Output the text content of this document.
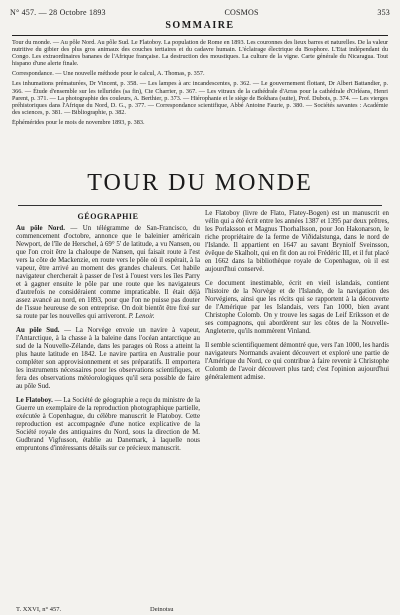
N° 457. — 28 Octobre 1893	COSMOS	353
SOMMAIRE

Tour du monde. — Au pôle Nord. Au pôle Sud. Le Flatoboy. La population de Rome en 1893. Les couronnes des lieux barres et naturelles. De la valeur nutritive du gibier des plus gros animaux des couches tertiaires et du cadavre humain. L'éclairage électrique du Bosphore. L'Etat indépendant du Congo. Les extraordinaires bananes de l'Afrique française. La destruction des moustiques. La culture de la vigne. Carte générale du Nicaragua. Tout hispano d'une alerte finale.

Correspondance. — Une nouvelle méthode pour le calcul, A. Thomas, p. 357.

Les inhumations prématurées, Dr Vincent, p. 358. — Les lampes à arc incandescentes, p. 362. — Le gouvernement flottant, Dr Albert Battandier, p. 366. — Étude d'ensemble sur les tellurides (sa fin), Cte Charrier, p. 367. — Les vitraux de la cathédrale d'Arras pour la cathédrale d'Orléans, Henri Parent, p. 371. — La photographie des couleurs, A. Berthier, p. 373. — Hiérophanie et le siège de Bokhara (suite), Prof. Dubois, p. 374. — Les vierges préhistoriques dans l'Afrique du Nord, D. G., p. 377. — Correspondance scientifique, Abbé Antoine Faurie, p. 380. — Sociétés savantes : Académie des sciences, p. 381. — Bibliographie, p. 382.

Éphémérides pour le mois de novembre 1893, p. 383.

TOUR DU MONDE
GÉOGRAPHIE

Au pôle Nord. — Un télégramme de San-Francisco, du commencement d'octobre, annonce que le baleinier américain Newport, de l'île de Herschel, à 69° 5' de latitude, a vu Nansen, ou que l'on croit être la chaloupe de Nansen, qui faisait route à l'est vers la côte de Mackenzie, en route vers le pôle où il espérait, à la vapeur, être arrivé au moment des grandes chaleurs. Cet habile navigateur chercherait à passer de l'est à l'ouest vers les îles Parry et à gagner ensuite le pôle par une route que les navigateurs d'autrefois ne considéraient comme impraticable. Il était déjà assez avancé au nord, en 1893, pour que l'on ne puisse pas douter de l'issue heureuse de son entreprise. On doit bientôt être fixé sur sa route par les nouvelles qui arriveront. P. Lenoir.

Au pôle Sud. — La Norvège envoie un navire à vapeur, l'Antarctique, à la chasse à la baleine dans l'océan antarctique au sud de la Nouvelle-Zélande, dans les parages où Ross a atteint la plus haute latitude en 1842. Le navire partira en Australie pour compléter son approvisionnement et ses préparatifs. Il emportera les instruments nécessaires pour les observations scientifiques, et fera des observations météorologiques qu'il sera possible de faire au pôle Sud.

Le Flatoboy. — La Société de géographie a reçu du ministre de la Guerre un exemplaire de la reproduction photographique partielle, exécutée à Copenhague, du célèbre manuscrit le Flatoboy. Cette reproduction est accompagnée d'une notice explicative de la Société royale des antiquaires du Nord, sous la direction de M. Gudbrand Vigfusson, établie au Danemark, à laquelle nous empruntons d'intéressants détails sur ce précieux manuscrit.

Le Flatoboy (livre de Flato, Flatey-Bogen) est un manuscrit en vélin qui a été écrit entre les années 1387 et 1395 par deux prêtres, les Porlaksson et Magnus Thorhallsson, pour Jon Hakonarson, le riche propriétaire de la ferme de Viðidalstunga, dans le nord de l'Islande. Il appartient en 1647 au savant Bryniolf Sveinsson, évêque de Skalholt, qui en fit don au roi Frédéric III, et il fut placé en 1662 dans la bibliothèque royale de Copenhague, où il est aujourd'hui conservé.

Ce document inestimable, écrit en vieil islandais, contient l'histoire de la Norvège et de l'Islande, de la navigation des Norvégiens, ainsi que les récits qui se rapportent à la découverte de l'Amérique par les Islandais, vers l'an 1000, bien avant Christophe Colomb. On y trouve les sagas de Leif Eriksson et de ses compagnons, qui abordèrent sur les côtes de la Nouvelle-Angleterre, qu'ils nommèrent Vinland.

Il semble scientifiquement démontré que, vers l'an 1000, les hardis navigateurs Normands avaient découvert et exploré une partie de l'Amérique du Nord, ce qui contribue à faire revenir à Christophe Colomb de l'avoir découvert plus tard; c'est l'opinion aujourd'hui généralement admise.

T. XXVI, n° 457.	Deinotsu
